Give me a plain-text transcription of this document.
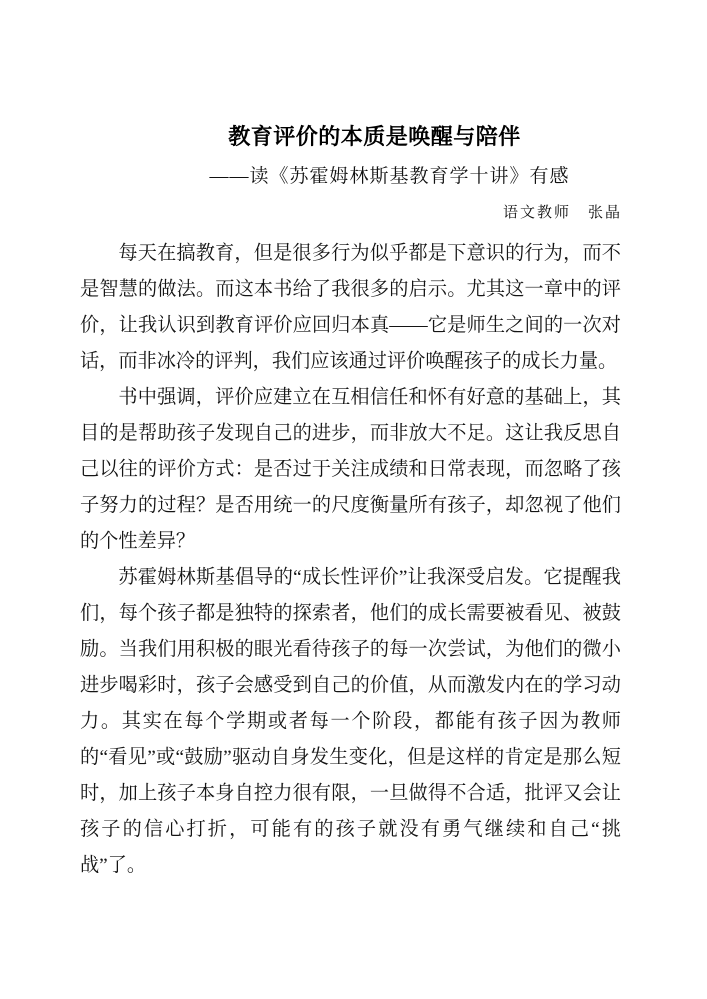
教育评价的本质是唤醒与陪伴
——读《苏霍姆林斯基教育学十讲》有感
语文教师　张晶

每天在搞教育，但是很多行为似乎都是下意识的行为，而不是智慧的做法。而这本书给了我很多的启示。尤其这一章中的评价，让我认识到教育评价应回归本真——它是师生之间的一次对话，而非冰冷的评判，我们应该通过评价唤醒孩子的成长力量。

书中强调，评价应建立在互相信任和怀有好意的基础上，其目的是帮助孩子发现自己的进步，而非放大不足。这让我反思自己以往的评价方式：是否过于关注成绩和日常表现，而忽略了孩子努力的过程？是否用统一的尺度衡量所有孩子，却忽视了他们的个性差异？

苏霍姆林斯基倡导的“成长性评价”让我深受启发。它提醒我们，每个孩子都是独特的探索者，他们的成长需要被看见、被鼓励。当我们用积极的眼光看待孩子的每一次尝试，为他们的微小进步喝彩时，孩子会感受到自己的价值，从而激发内在的学习动力。其实在每个学期或者每一个阶段，都能有孩子因为教师的“看见”或“鼓励”驱动自身发生变化，但是这样的肯定是那么短时，加上孩子本身自控力很有限，一旦做得不合适，批评又会让孩子的信心打折，可能有的孩子就没有勇气继续和自己“挑战”了。
